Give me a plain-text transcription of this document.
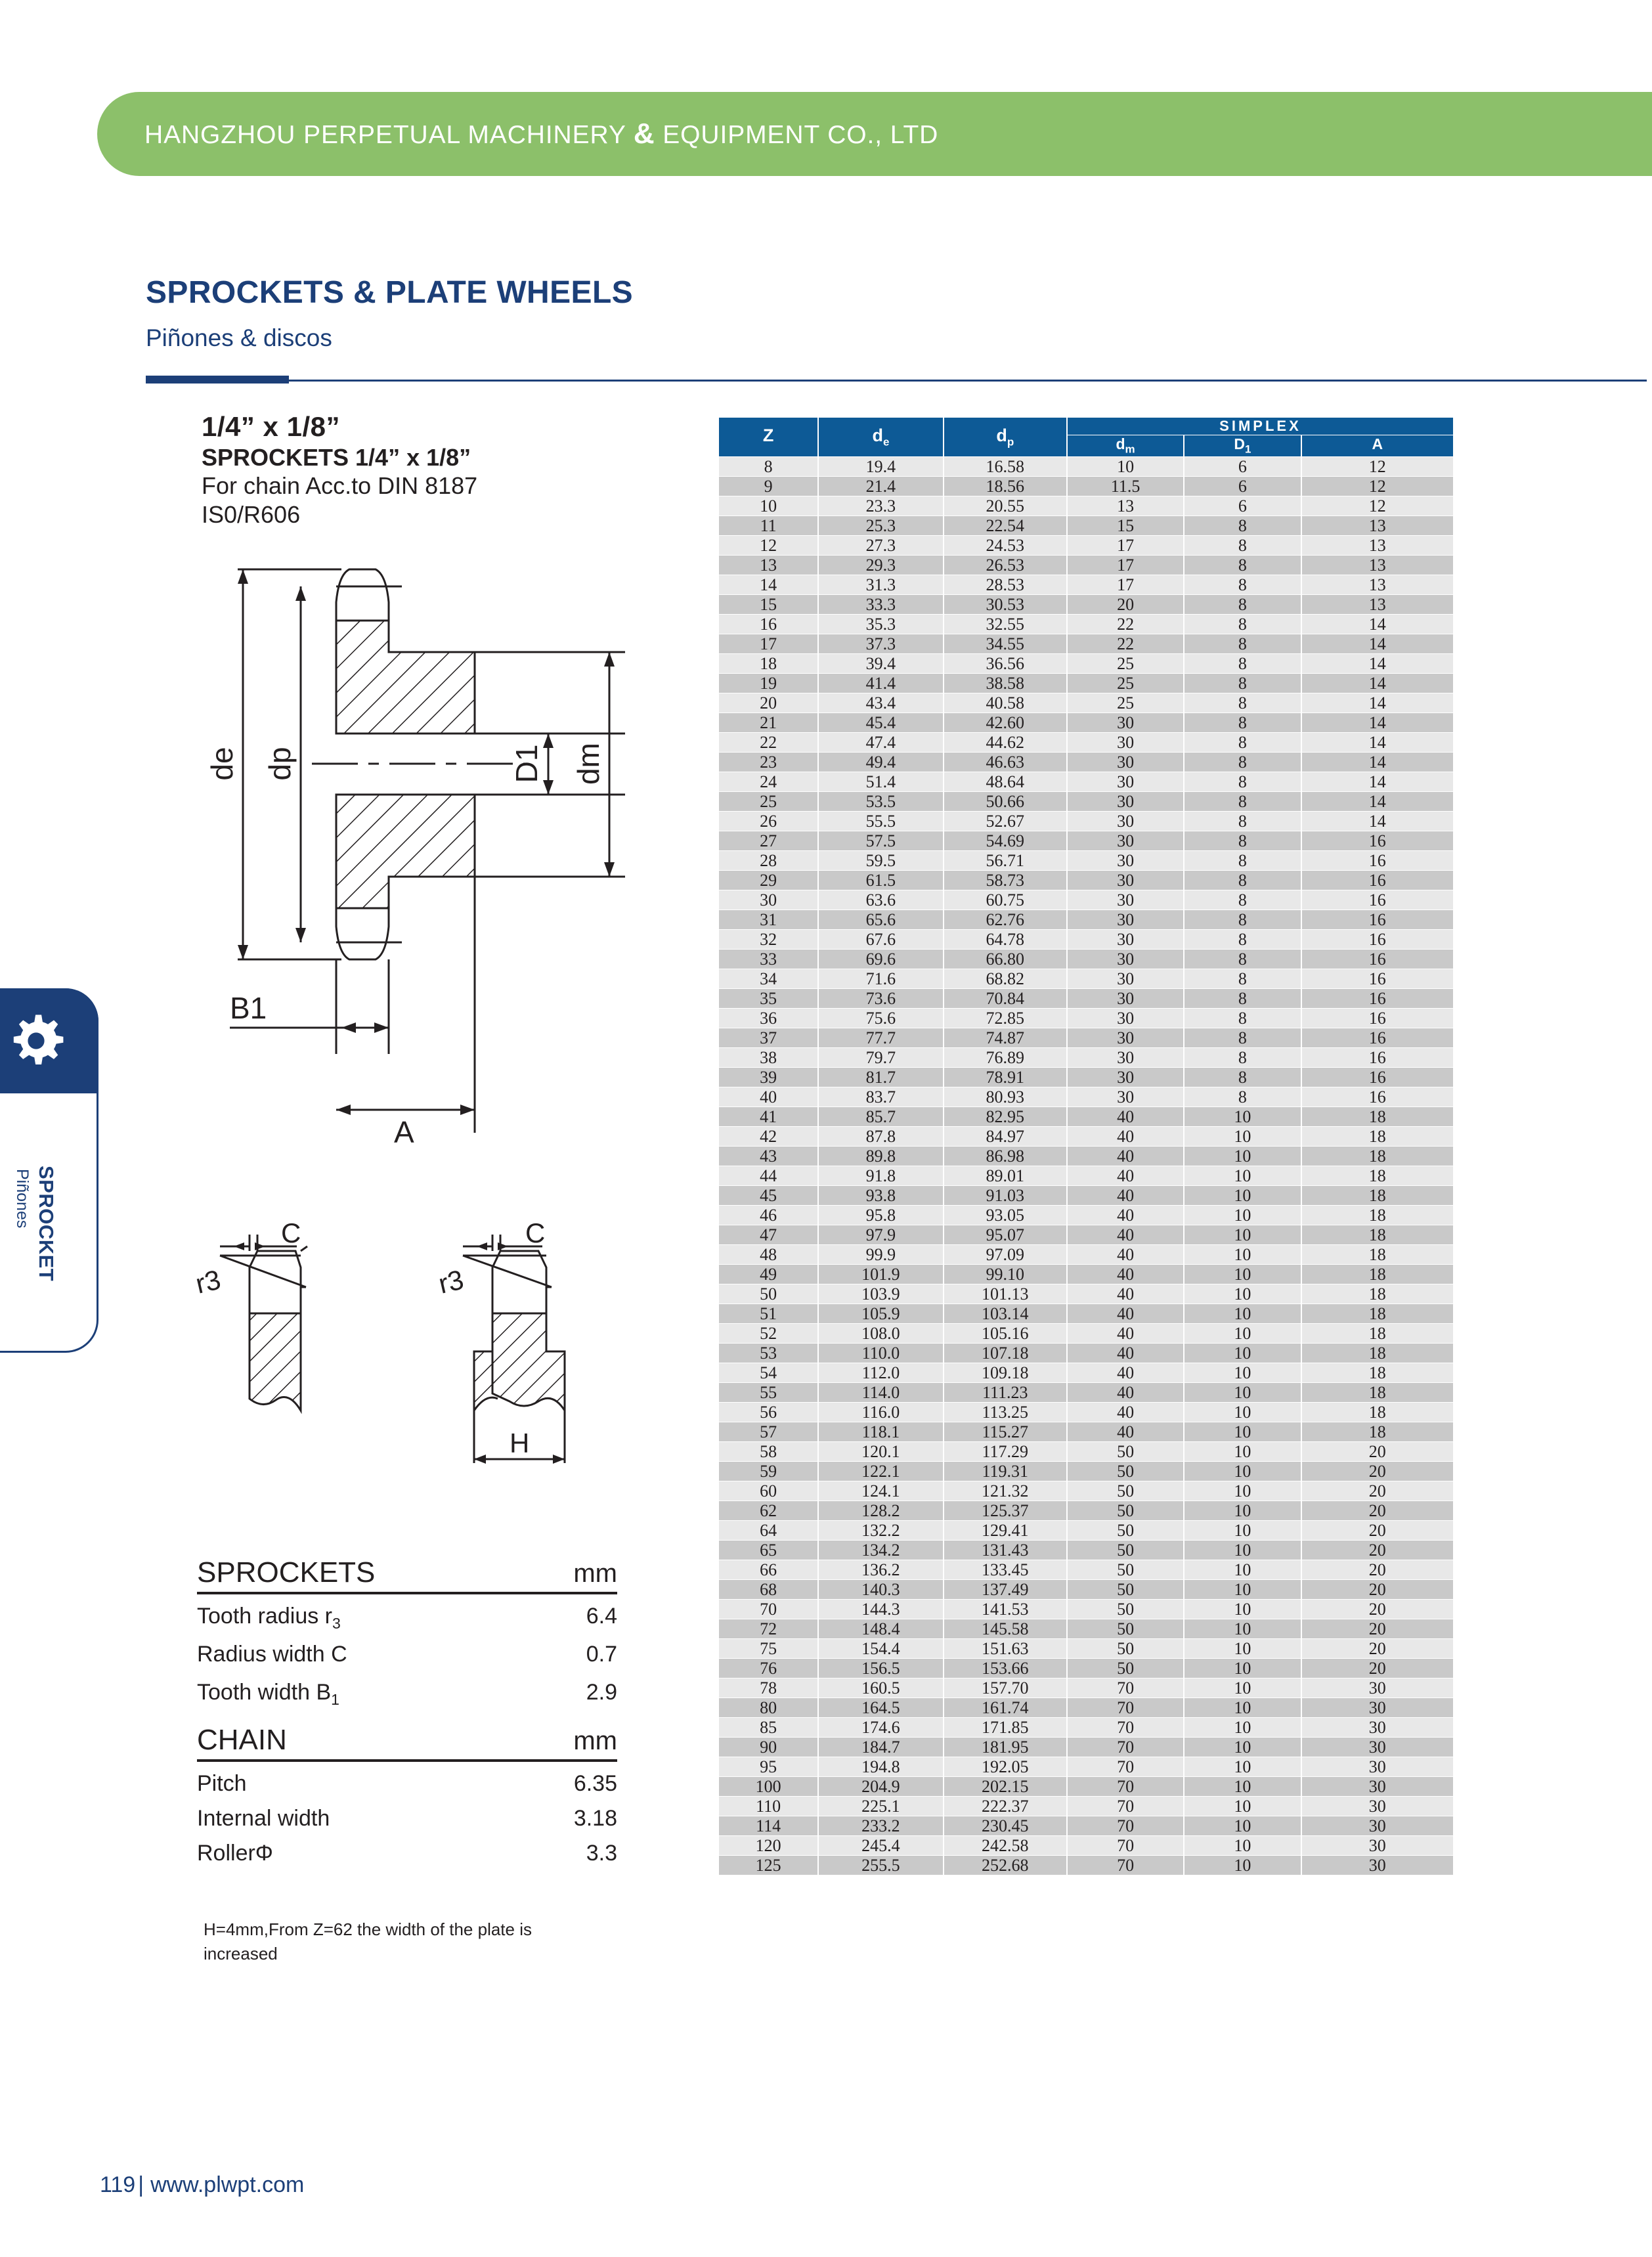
HANGZHOU PERPETUAL MACHINERY & EQUIPMENT CO., LTD
SPROCKETS & PLATE WHEELS
Piñones & discos
1/4” x 1/8”
SPROCKETS 1/4” x 1/8”
For chain Acc.to DIN 8187
IS0/R606
de dp	D1 dm
B1
A
C
r3
C
r3
H
SPROCKETS	mm
Tooth radius $r_3$	6.4
Radius width C	0.7
Tooth width $B_1$	2.9
CHAIN	mm
Pitch	6.35
Internal width	3.18
RollerΦ	3.3
H=4mm,From Z=62 the width of the plate is increased
Z	$d_e$	$d_p$	SIMPLEX		
			$d_m$	$D_1$	A
8	19.4	16.58	10	6	12
9	21.4	18.56	11.5	6	12
10	23.3	20.55	13	6	12
11	25.3	22.54	15	8	13
12	27.3	24.53	17	8	13
13	29.3	26.53	17	8	13
14	31.3	28.53	17	8	13
15	33.3	30.53	20	8	13
16	35.3	32.55	22	8	14
17	37.3	34.55	22	8	14
18	39.4	36.56	25	8	14
19	41.4	38.58	25	8	14
20	43.4	40.58	25	8	14
21	45.4	42.60	30	8	14
22	47.4	44.62	30	8	14
23	49.4	46.63	30	8	14
24	51.4	48.64	30	8	14
25	53.5	50.66	30	8	14
26	55.5	52.67	30	8	14
27	57.5	54.69	30	8	16
28	59.5	56.71	30	8	16
29	61.5	58.73	30	8	16
30	63.6	60.75	30	8	16
31	65.6	62.76	30	8	16
32	67.6	64.78	30	8	16
33	69.6	66.80	30	8	16
34	71.6	68.82	30	8	16
35	73.6	70.84	30	8	16
36	75.6	72.85	30	8	16
37	77.7	74.87	30	8	16
38	79.7	76.89	30	8	16
39	81.7	78.91	30	8	16
40	83.7	80.93	30	8	16
41	85.7	82.95	40	10	18
42	87.8	84.97	40	10	18
43	89.8	86.98	40	10	18
44	91.8	89.01	40	10	18
45	93.8	91.03	40	10	18
46	95.8	93.05	40	10	18
47	97.9	95.07	40	10	18
48	99.9	97.09	40	10	18
49	101.9	99.10	40	10	18
50	103.9	101.13	40	10	18
51	105.9	103.14	40	10	18
52	108.0	105.16	40	10	18
53	110.0	107.18	40	10	18
54	112.0	109.18	40	10	18
55	114.0	111.23	40	10	18
56	116.0	113.25	40	10	18
57	118.1	115.27	40	10	18
58	120.1	117.29	50	10	20
59	122.1	119.31	50	10	20
60	124.1	121.32	50	10	20
62	128.2	125.37	50	10	20
64	132.2	129.41	50	10	20
65	134.2	131.43	50	10	20
66	136.2	133.45	50	10	20
68	140.3	137.49	50	10	20
70	144.3	141.53	50	10	20
72	148.4	145.58	50	10	20
75	154.4	151.63	50	10	20
76	156.5	153.66	50	10	20
78	160.5	157.70	70	10	30
80	164.5	161.74	70	10	30
85	174.6	171.85	70	10	30
90	184.7	181.95	70	10	30
95	194.8	192.05	70	10	30
100	204.9	202.15	70	10	30
110	225.1	222.37	70	10	30
114	233.2	230.45	70	10	30
120	245.4	242.58	70	10	30
125	255.5	252.68	70	10	30
SPROCKET
Piñones
119 | www.plwpt.com
